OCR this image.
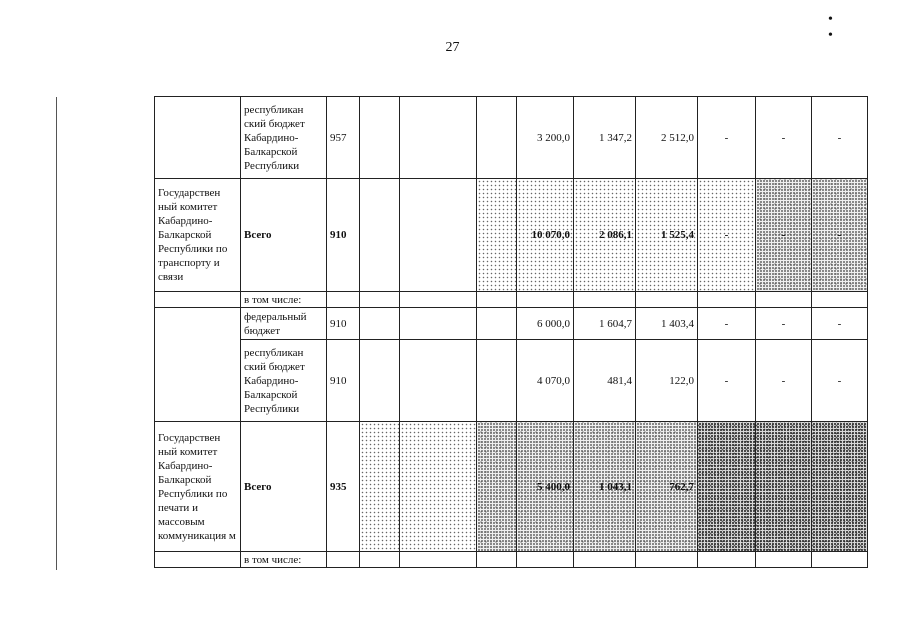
27
• •
	республикан ский бюджет Кабардино-Балкарской Республики	957				3 200,0	1 347,2	2 512,0	-	-	-
Государствен ный комитет Кабардино-Балкарской Республики по транспорту и связи	Всего	910				10 070,0	2 086,1	1 525,4	-	-	-
	в том числе:										
	федеральный бюджет	910				6 000,0	1 604,7	1 403,4	-	-	-
	республикан ский бюджет Кабардино-Балкарской Республики	910				4 070,0	481,4	122,0	-	-	-
Государствен ный комитет Кабардино-Балкарской Республики по печати и массовым коммуникация м	Всего	935				5 400,0	1 043,1	762,7			
	в том числе:										
